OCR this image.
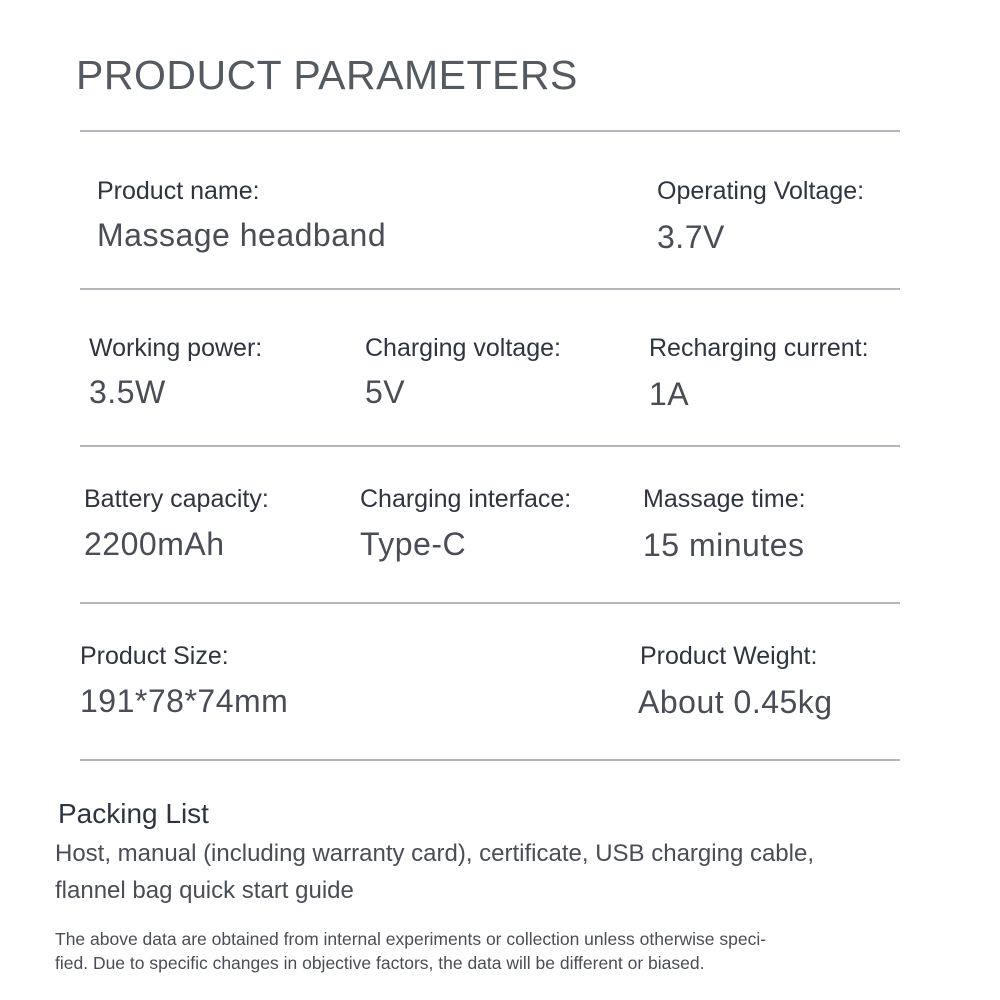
PRODUCT PARAMETERS
Product name:
Massage headband
Operating Voltage:
3.7V
Working power:
3.5W
Charging voltage:
5V
Recharging current:
1A
Battery capacity:
2200mAh
Charging interface:
Type-C
Massage time:
15 minutes
Product Size:
191*78*74mm
Product Weight:
About 0.45kg
Packing List
Host, manual (including warranty card), certificate, USB charging cable,
flannel bag quick start guide
The above data are obtained from internal experiments or collection unless otherwise speci-
fied. Due to specific changes in objective factors, the data will be different or biased.
